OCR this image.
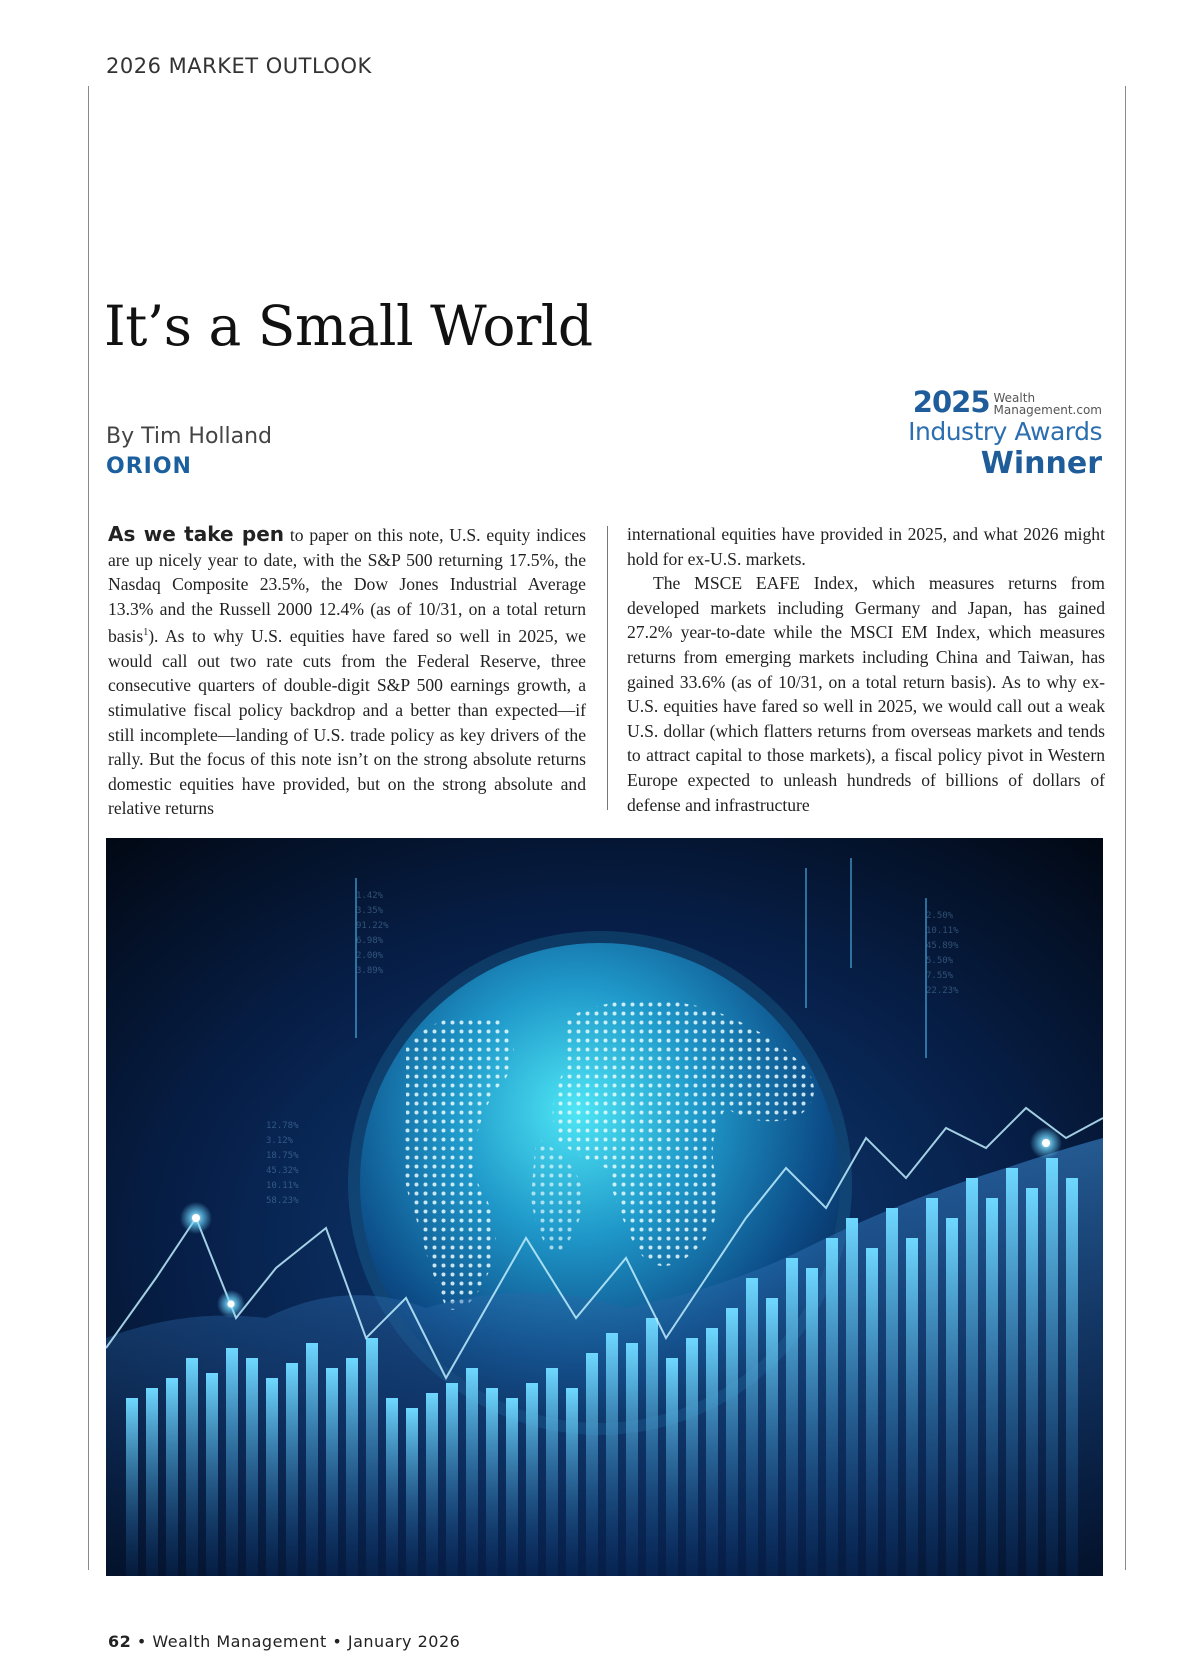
2026 MARKET OUTLOOK
It’s a Small World
By Tim Holland
ORION
2025 Wealth
Management.com
Industry Awards
Winner

As we take pen to paper on this note, U.S. equity indices are up nicely year to date, with the S&P 500 returning 17.5%, the Nasdaq Composite 23.5%, the Dow Jones Industrial Average 13.3% and the Russell 2000 12.4% (as of 10/31, on a total return basis$^1$). As to why U.S. equities have fared so well in 2025, we would call out two rate cuts from the Federal Reserve, three consecutive quarters of double-digit S&P 500 earnings growth, a stimulative fiscal policy backdrop and a better than expected—if still incomplete—landing of U.S. trade policy as key drivers of the rally. But the focus of this note isn’t on the strong absolute returns domestic equities have provided, but on the strong absolute and relative returns

international equities have provided in 2025, and what 2026 might hold for ex-U.S. markets.

The MSCE EAFE Index, which measures returns from developed markets including Germany and Japan, has gained 27.2% year-to-date while the MSCI EM Index, which measures returns from emerging markets including China and Taiwan, has gained 33.6% (as of 10/31, on a total return basis). As to why ex-U.S. equities have fared so well in 2025, we would call out a weak U.S. dollar (which flatters returns from overseas markets and tends to attract capital to those markets), a fiscal policy pivot in Western Europe expected to unleash hundreds of billions of dollars of defense and infrastructure

1.42%
3.35%
91.22%
6.98%
2.00%
3.89%
12.78%
3.12%
18.75%
45.32%
10.11%
58.23%
2.50%
10.11%
45.89%
5.50%
7.55%
22.23%
62 • Wealth Management • January 2026
